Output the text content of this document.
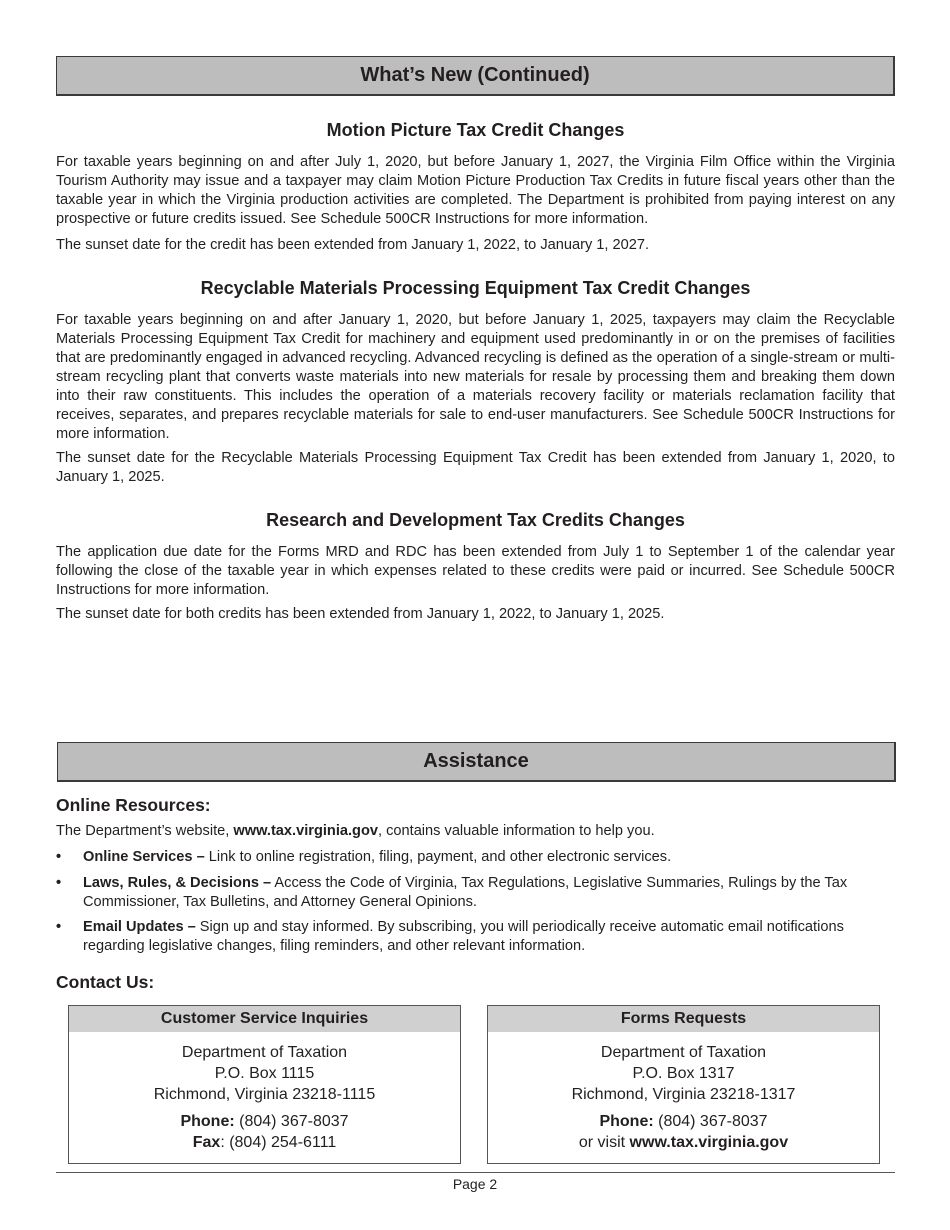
What’s New (Continued)
Motion Picture Tax Credit Changes

For taxable years beginning on and after July 1, 2020, but before January 1, 2027, the Virginia Film Office within the Virginia Tourism Authority may issue and a taxpayer may claim Motion Picture Production Tax Credits in future fiscal years other than the taxable year in which the Virginia production activities are completed. The Department is prohibited from paying interest on any prospective or future credits issued. See Schedule 500CR Instructions for more information.

The sunset date for the credit has been extended from January 1, 2022, to January 1, 2027.

Recyclable Materials Processing Equipment Tax Credit Changes

For taxable years beginning on and after January 1, 2020, but before January 1, 2025, taxpayers may claim the Recyclable Materials Processing Equipment Tax Credit for machinery and equipment used predominantly in or on the premises of facilities that are predominantly engaged in advanced recycling. Advanced recycling is defined as the operation of a single-stream or multi-stream recycling plant that converts waste materials into new materials for resale by processing them and breaking them down into their raw constituents. This includes the operation of a materials recovery facility or materials reclamation facility that receives, separates, and prepares recyclable materials for sale to end-user manufacturers. See Schedule 500CR Instructions for more information.

The sunset date for the Recyclable Materials Processing Equipment Tax Credit has been extended from January 1, 2020, to January 1, 2025.

Research and Development Tax Credits Changes

The application due date for the Forms MRD and RDC has been extended from July 1 to September 1 of the calendar year following the close of the taxable year in which expenses related to these credits were paid or incurred. See Schedule 500CR Instructions for more information.

The sunset date for both credits has been extended from January 1, 2022, to January 1, 2025.

Assistance
Online Resources:
The Department’s website, www.tax.virginia.gov, contains valuable information to help you.
• Online Services – Link to online registration, filing, payment, and other electronic services.
• Laws, Rules, & Decisions – Access the Code of Virginia, Tax Regulations, Legislative Summaries, Rulings by the Tax Commissioner, Tax Bulletins, and Attorney General Opinions.
• Email Updates – Sign up and stay informed. By subscribing, you will periodically receive automatic email notifications regarding legislative changes, filing reminders, and other relevant information.
Contact Us:
Customer Service Inquiries
Department of Taxation
P.O. Box 1115
Richmond, Virginia 23218-1115
Phone: (804) 367-8037
Fax: (804) 254-6111
Forms Requests
Department of Taxation
P.O. Box 1317
Richmond, Virginia 23218-1317
Phone: (804) 367-8037
or visit www.tax.virginia.gov
Page 2
